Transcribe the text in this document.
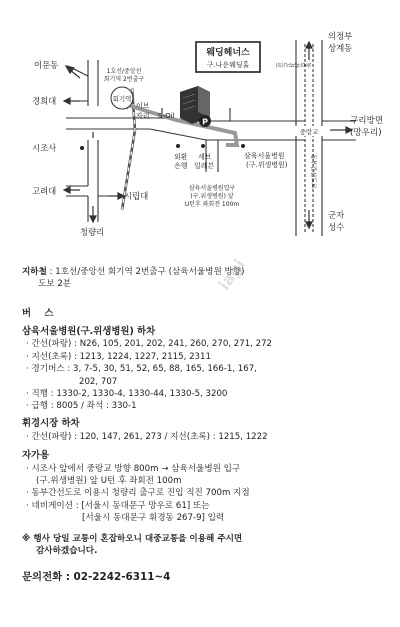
웨딩헤너스
구.나운웨딩홀
P
회기역
1호선/중앙선
회기역 2번출구
이브
자리 S-Oil
외환
은행
세브
일레븐
삼육서울병원
(구.위생병원)
삼육서울병원입구
(구.위생병원) 앞
U턴후 좌회전 100m
중랑교
동부간선도로
동부간선도로
이문동
경희대
시조사
고려대	시립대
청량리
의정부
상계동
구리방면
(망우리)
군자
성수
iagi
지하철 : 1호선/중앙선 회기역 2번출구 (삼육서울병원 방향)
도보 2분
버 스
삼육서울병원(구.위생병원) 하차
· 간선(파랑) : N26, 105, 201, 202, 241, 260, 270, 271, 272
· 지선(초록) : 1213, 1224, 1227, 2115, 2311
· 경기버스 : 3, 7-5, 30, 51, 52, 65, 88, 165, 166-1, 167,
202, 707
· 직행 : 1330-2, 1330-4, 1330-44, 1330-5, 3200
· 급행 : 8005 / 좌석 : 330-1
휘경시장 하차
· 간선(파랑) : 120, 147, 261, 273 / 지선(초록) : 1215, 1222
자가용
· 시조사 앞에서 중랑교 방향 800m → 삼육서울병원 입구
(구.위생병원) 앞 U턴 후 좌회전 100m
· 동부간선도로 이용시 청량리 출구로 진입 직진 700m 지점
· 네비게이션 : [서울시 동대문구 망우로 61] 또는
[서울시 동대문구 휘경동 267-9] 입력
※ 행사 당일 교통이 혼잡하오니 대중교통을 이용해 주시면
감사하겠습니다.
문의전화 : 02-2242-6311~4
